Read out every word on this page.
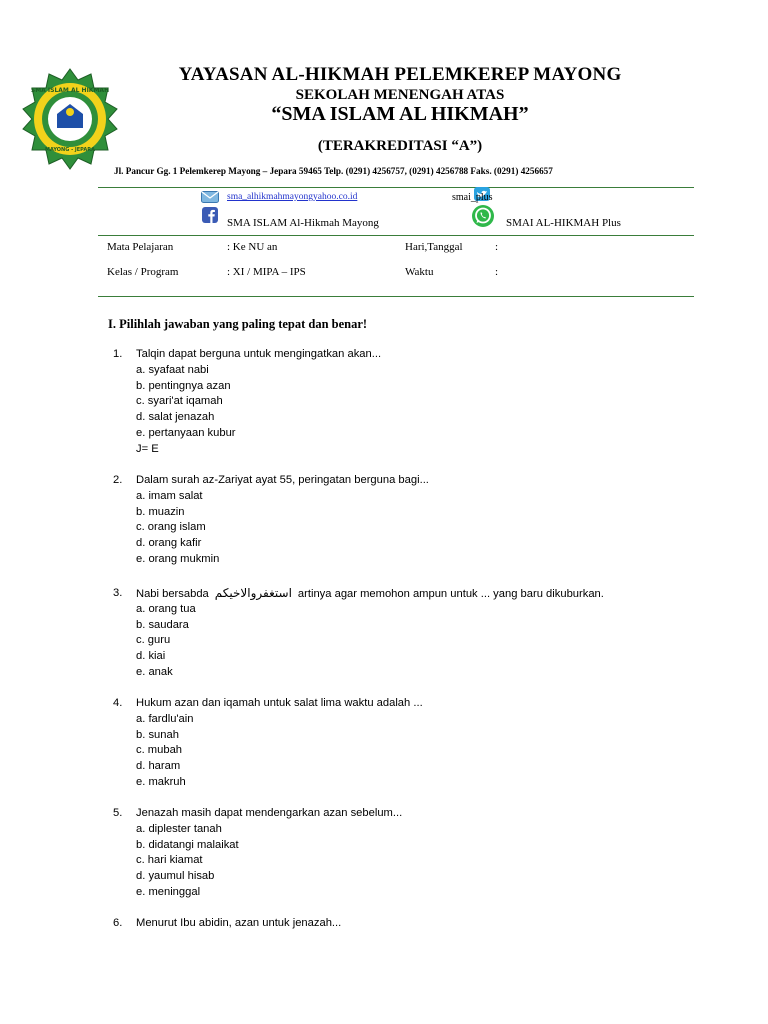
SMA ISLAM AL HIKMAH
MAYONG - JEPARA
YAYASAN AL-HIKMAH PELEMKEREP MAYONG
SEKOLAH MENENGAH ATAS
“SMA ISLAM AL HIKMAH”
(TERAKREDITASI “A”)
Jl. Pancur Gg. 1 Pelemkerep Mayong – Jepara 59465 Telp. (0291) 4256757, (0291) 4256788 Faks. (0291) 4256657
sma_alhikmahmayongyahoo.co.id	smai_plus
SMA ISLAM Al-Hikmah Mayong	SMAI AL-HIKMAH Plus
Mata Pelajaran	: Ke NU an	Hari,Tanggal	:
Kelas / Program	: XI / MIPA – IPS	Waktu	:
I. Pilihlah jawaban yang paling tepat dan benar!
1. Talqin dapat berguna untuk mengingatkan akan...
a. syafaat nabi
b. pentingnya azan
c. syari'at iqamah
d. salat jenazah
e. pertanyaan kubur
J= E
2. Dalam surah az-Zariyat ayat 55, peringatan berguna bagi...
a. imam salat
b. muazin
c. orang islam
d. orang kafir
e. orang mukmin
3. Nabi bersabda استغفروالاخيكم artinya agar memohon ampun untuk ... yang baru dikuburkan.
a. orang tua
b. saudara
c. guru
d. kiai
e. anak
4. Hukum azan dan iqamah untuk salat lima waktu adalah ...
a. fardlu'ain
b. sunah
c. mubah
d. haram
e. makruh
5. Jenazah masih dapat mendengarkan azan sebelum...
a. diplester tanah
b. didatangi malaikat
c. hari kiamat
d. yaumul hisab
e. meninggal
6. Menurut Ibu abidin, azan untuk jenazah...
